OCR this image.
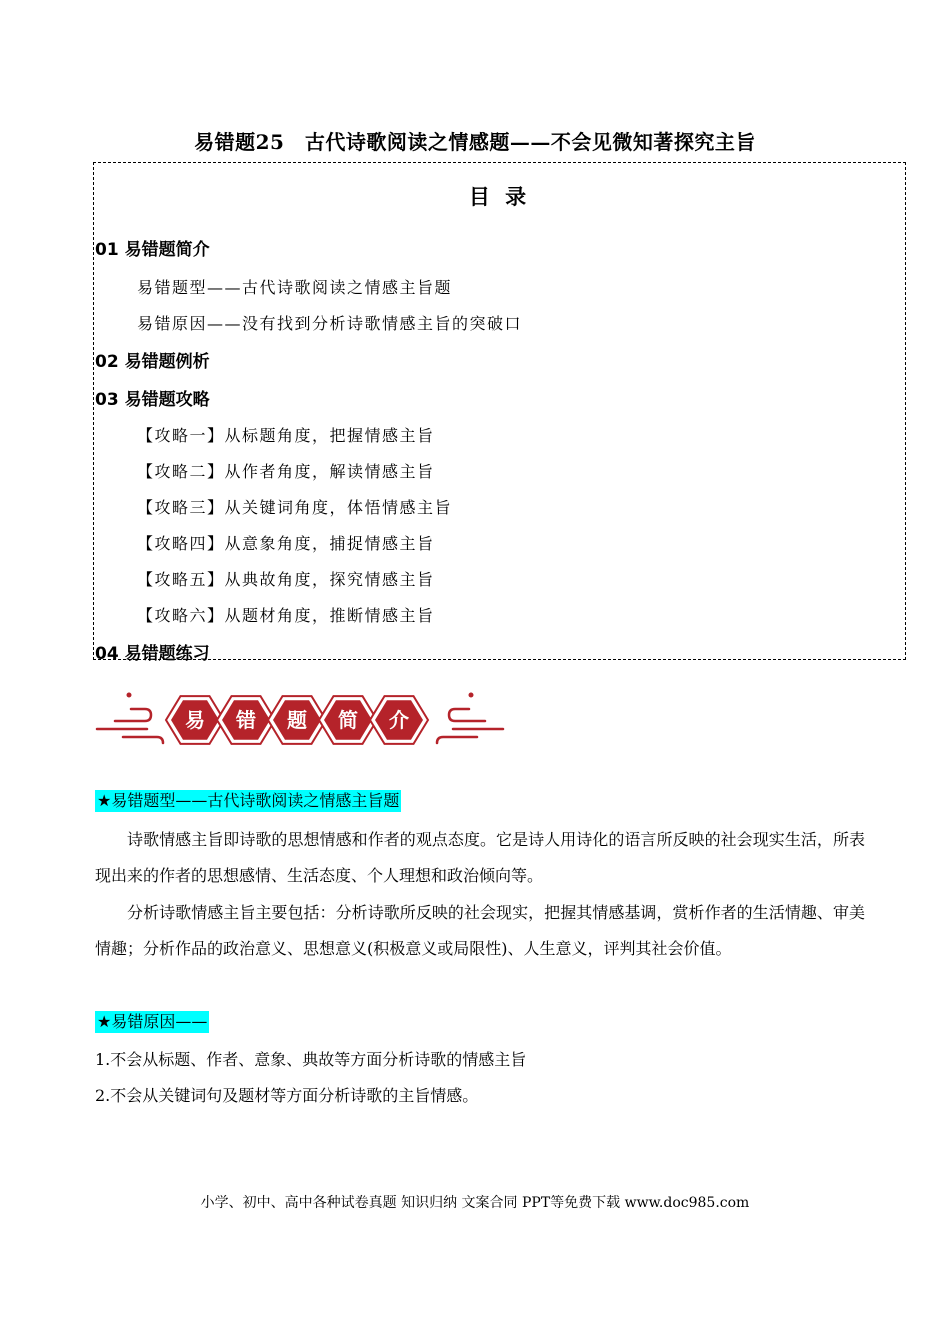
易错题25　古代诗歌阅读之情感题——不会见微知著探究主旨
目 录
01 易错题简介
易错题型——古代诗歌阅读之情感主旨题
易错原因——没有找到分析诗歌情感主旨的突破口
02 易错题例析
03 易错题攻略
【攻略一】从标题角度，把握情感主旨
【攻略二】从作者角度，解读情感主旨
【攻略三】从关键词角度，体悟情感主旨
【攻略四】从意象角度，捕捉情感主旨
【攻略五】从典故角度，探究情感主旨
【攻略六】从题材角度，推断情感主旨
04 易错题练习
易 错 题 简 介
★易错题型——古代诗歌阅读之情感主旨题
诗歌情感主旨即诗歌的思想情感和作者的观点态度。它是诗人用诗化的语言所反映的社会现实生活，所表现出来的作者的思想感情、生活态度、个人理想和政治倾向等。
分析诗歌情感主旨主要包括：分析诗歌所反映的社会现实，把握其情感基调，赏析作者的生活情趣、审美情趣；分析作品的政治意义、思想意义(积极意义或局限性)、人生意义，评判其社会价值。
★易错原因——
1.不会从标题、作者、意象、典故等方面分析诗歌的情感主旨
2.不会从关键词句及题材等方面分析诗歌的主旨情感。
小学、初中、高中各种试卷真题 知识归纳 文案合同 PPT等免费下载 www.doc985.com
